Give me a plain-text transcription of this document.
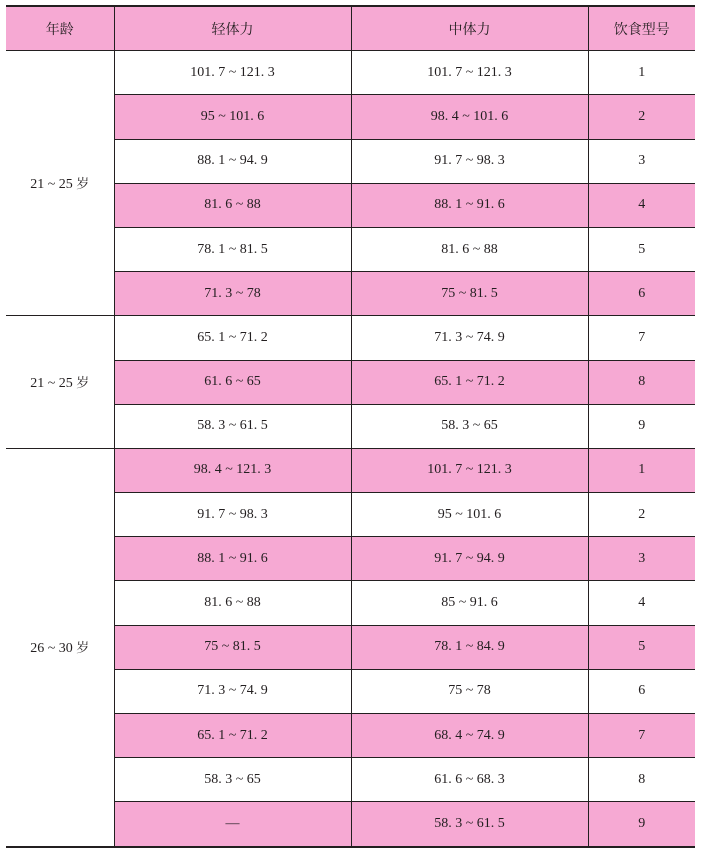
年龄	轻体力	中体力	饮食型号
21 ~ 25 岁	101. 7 ~ 121. 3	101. 7 ~ 121. 3	1
	95 ~ 101. 6	98. 4 ~ 101. 6	2
	88. 1 ~ 94. 9	91. 7 ~ 98. 3	3
	81. 6 ~ 88	88. 1 ~ 91. 6	4
	78. 1 ~ 81. 5	81. 6 ~ 88	5
	71. 3 ~ 78	75 ~ 81. 5	6
21 ~ 25 岁	65. 1 ~ 71. 2	71. 3 ~ 74. 9	7
	61. 6 ~ 65	65. 1 ~ 71. 2	8
	58. 3 ~ 61. 5	58. 3 ~ 65	9
26 ~ 30 岁	98. 4 ~ 121. 3	101. 7 ~ 121. 3	1
	91. 7 ~ 98. 3	95 ~ 101. 6	2
	88. 1 ~ 91. 6	91. 7 ~ 94. 9	3
	81. 6 ~ 88	85 ~ 91. 6	4
	75 ~ 81. 5	78. 1 ~ 84. 9	5
	71. 3 ~ 74. 9	75 ~ 78	6
	65. 1 ~ 71. 2	68. 4 ~ 74. 9	7
	58. 3 ~ 65	61. 6 ~ 68. 3	8
	—	58. 3 ~ 61. 5	9
